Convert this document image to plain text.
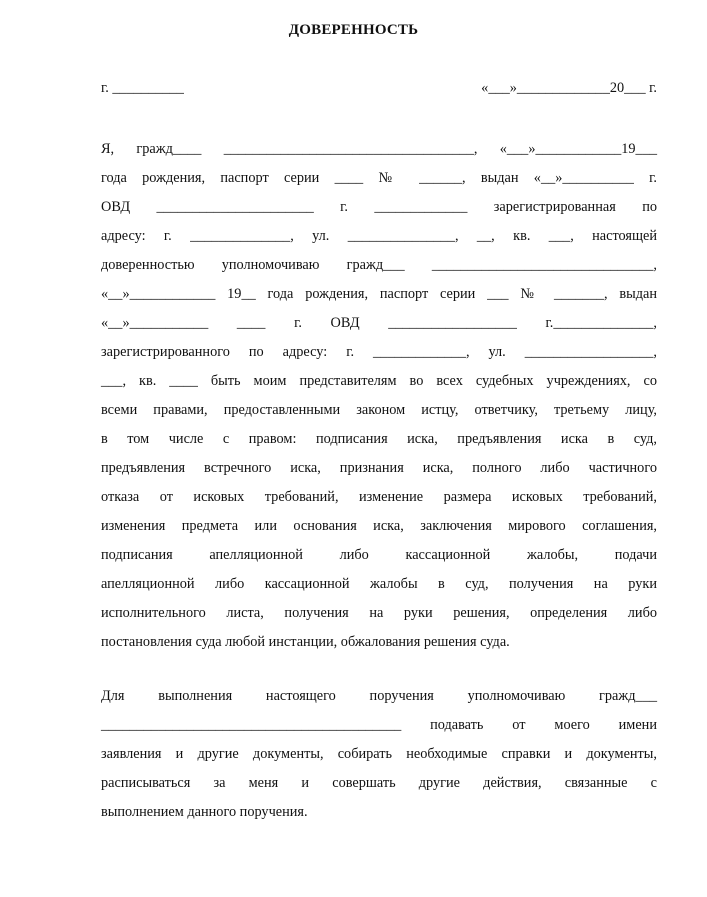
ДОВЕРЕННОСТЬ
г. __________	«___»_____________20___ г.
Я, гражд____ ___________________________________, «___»____________19___
года рождения, паспорт серии ____ № ______, выдан «__»__________ г.
ОВД ______________________ г. _____________ зарегистрированная по
адресу: г. ______________, ул. _______________, __, кв. ___, настоящей
доверенностью уполномочиваю гражд___ _______________________________,
«__»____________ 19__ года рождения, паспорт серии ___ № _______, выдан
«__»___________ ____ г. ОВД __________________ г.______________,
зарегистрированного по адресу: г. _____________, ул. __________________,
___, кв. ____ быть моим представителям во всех судебных учреждениях, со
всеми правами, предоставленными законом истцу, ответчику, третьему лицу,
в том числе с правом: подписания иска, предъявления иска в суд,
предъявления встречного иска, признания иска, полного либо частичного
отказа от исковых требований, изменение размера исковых требований,
изменения предмета или основания иска, заключения мирового соглашения,
подписания апелляционной либо кассационной жалобы, подачи
апелляционной либо кассационной жалобы в суд, получения на руки
исполнительного листа, получения на руки решения, определения либо
постановления суда любой инстанции, обжалования решения суда.
Для выполнения настоящего поручения уполномочиваю гражд___
__________________________________________ подавать от моего имени
заявления и другие документы, собирать необходимые справки и документы,
расписываться за меня и совершать другие действия, связанные с
выполнением данного поручения.
